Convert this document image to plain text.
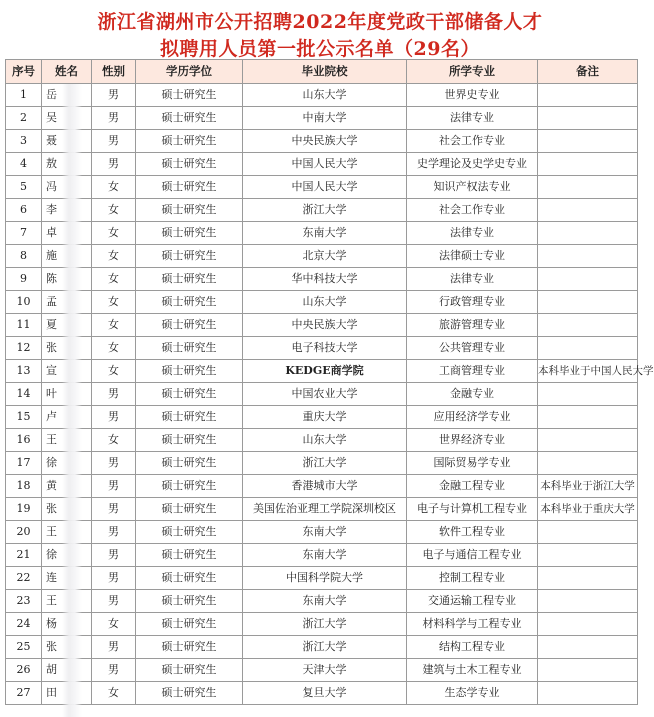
浙江省湖州市公开招聘2022年度党政干部储备人才
拟聘用人员第一批公示名单（29名）
序号	姓名	性别	学历学位	毕业院校	所学专业	备注
1	岳	男	硕士研究生	山东大学	世界史专业	
2	吴	男	硕士研究生	中南大学	法律专业	
3	聂	男	硕士研究生	中央民族大学	社会工作专业	
4	敖	男	硕士研究生	中国人民大学	史学理论及史学史专业	
5	冯	女	硕士研究生	中国人民大学	知识产权法专业	
6	李	女	硕士研究生	浙江大学	社会工作专业	
7	卓	女	硕士研究生	东南大学	法律专业	
8	施	女	硕士研究生	北京大学	法律硕士专业	
9	陈	女	硕士研究生	华中科技大学	法律专业	
10	孟	女	硕士研究生	山东大学	行政管理专业	
11	夏	女	硕士研究生	中央民族大学	旅游管理专业	
12	张	女	硕士研究生	电子科技大学	公共管理专业	
13	宣	女	硕士研究生	KEDGE商学院	工商管理专业	本科毕业于中国人民大学
14	叶	男	硕士研究生	中国农业大学	金融专业	
15	卢	男	硕士研究生	重庆大学	应用经济学专业	
16	王	女	硕士研究生	山东大学	世界经济专业	
17	徐	男	硕士研究生	浙江大学	国际贸易学专业	
18	黄	男	硕士研究生	香港城市大学	金融工程专业	本科毕业于浙江大学
19	张	男	硕士研究生	美国佐治亚理工学院深圳校区	电子与计算机工程专业	本科毕业于重庆大学
20	王	男	硕士研究生	东南大学	软件工程专业	
21	徐	男	硕士研究生	东南大学	电子与通信工程专业	
22	连	男	硕士研究生	中国科学院大学	控制工程专业	
23	王	男	硕士研究生	东南大学	交通运输工程专业	
24	杨	女	硕士研究生	浙江大学	材料科学与工程专业	
25	张	男	硕士研究生	浙江大学	结构工程专业	
26	胡	男	硕士研究生	天津大学	建筑与土木工程专业	
27	田	女	硕士研究生	复旦大学	生态学专业	
